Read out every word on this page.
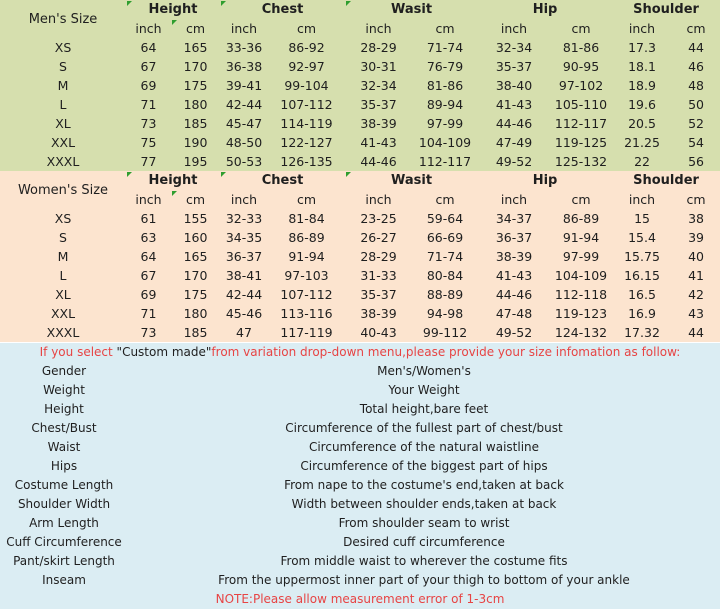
Men's Size	Height		Chest		Wasit		Hip		Shoulder	
	inch	cm	inch	cm	inch	cm	inch	cm	inch	cm
XS	64	165	33-36	86-92	28-29	71-74	32-34	81-86	17.3	44
S	67	170	36-38	92-97	30-31	76-79	35-37	90-95	18.1	46
M	69	175	39-41	99-104	32-34	81-86	38-40	97-102	18.9	48
L	71	180	42-44	107-112	35-37	89-94	41-43	105-110	19.6	50
XL	73	185	45-47	114-119	38-39	97-99	44-46	112-117	20.5	52
XXL	75	190	48-50	122-127	41-43	104-109	47-49	119-125	21.25	54
XXXL	77	195	50-53	126-135	44-46	112-117	49-52	125-132	22	56
Women's Size	Height		Chest		Wasit		Hip		Shoulder	
	inch	cm	inch	cm	inch	cm	inch	cm	inch	cm
XS	61	155	32-33	81-84	23-25	59-64	34-37	86-89	15	38
S	63	160	34-35	86-89	26-27	66-69	36-37	91-94	15.4	39
M	64	165	36-37	91-94	28-29	71-74	38-39	97-99	15.75	40
L	67	170	38-41	97-103	31-33	80-84	41-43	104-109	16.15	41
XL	69	175	42-44	107-112	35-37	88-89	44-46	112-118	16.5	42
XXL	71	180	45-46	113-116	38-39	94-98	47-48	119-123	16.9	43
XXXL	73	185	47	117-119	40-43	99-112	49-52	124-132	17.32	44
If you select "Custom made"from variation drop-down menu,please provide your size infomation as follow:
Gender	Men's/Women's
Weight	Your Weight
Height	Total height,bare feet
Chest/Bust	Circumference of the fullest part of chest/bust
Waist	Circumference of the natural waistline
Hips	Circumference of the biggest part of hips
Costume Length	From nape to the costume's end,taken at back
Shoulder Width	Width between shoulder ends,taken at back
Arm Length	From shoulder seam to wrist
Cuff Circumference	Desired cuff circumference
Pant/skirt Length	From middle waist to wherever the costume fits
Inseam	From the uppermost inner part of your thigh to bottom of your ankle
NOTE:Please allow measurement error of 1-3cm
